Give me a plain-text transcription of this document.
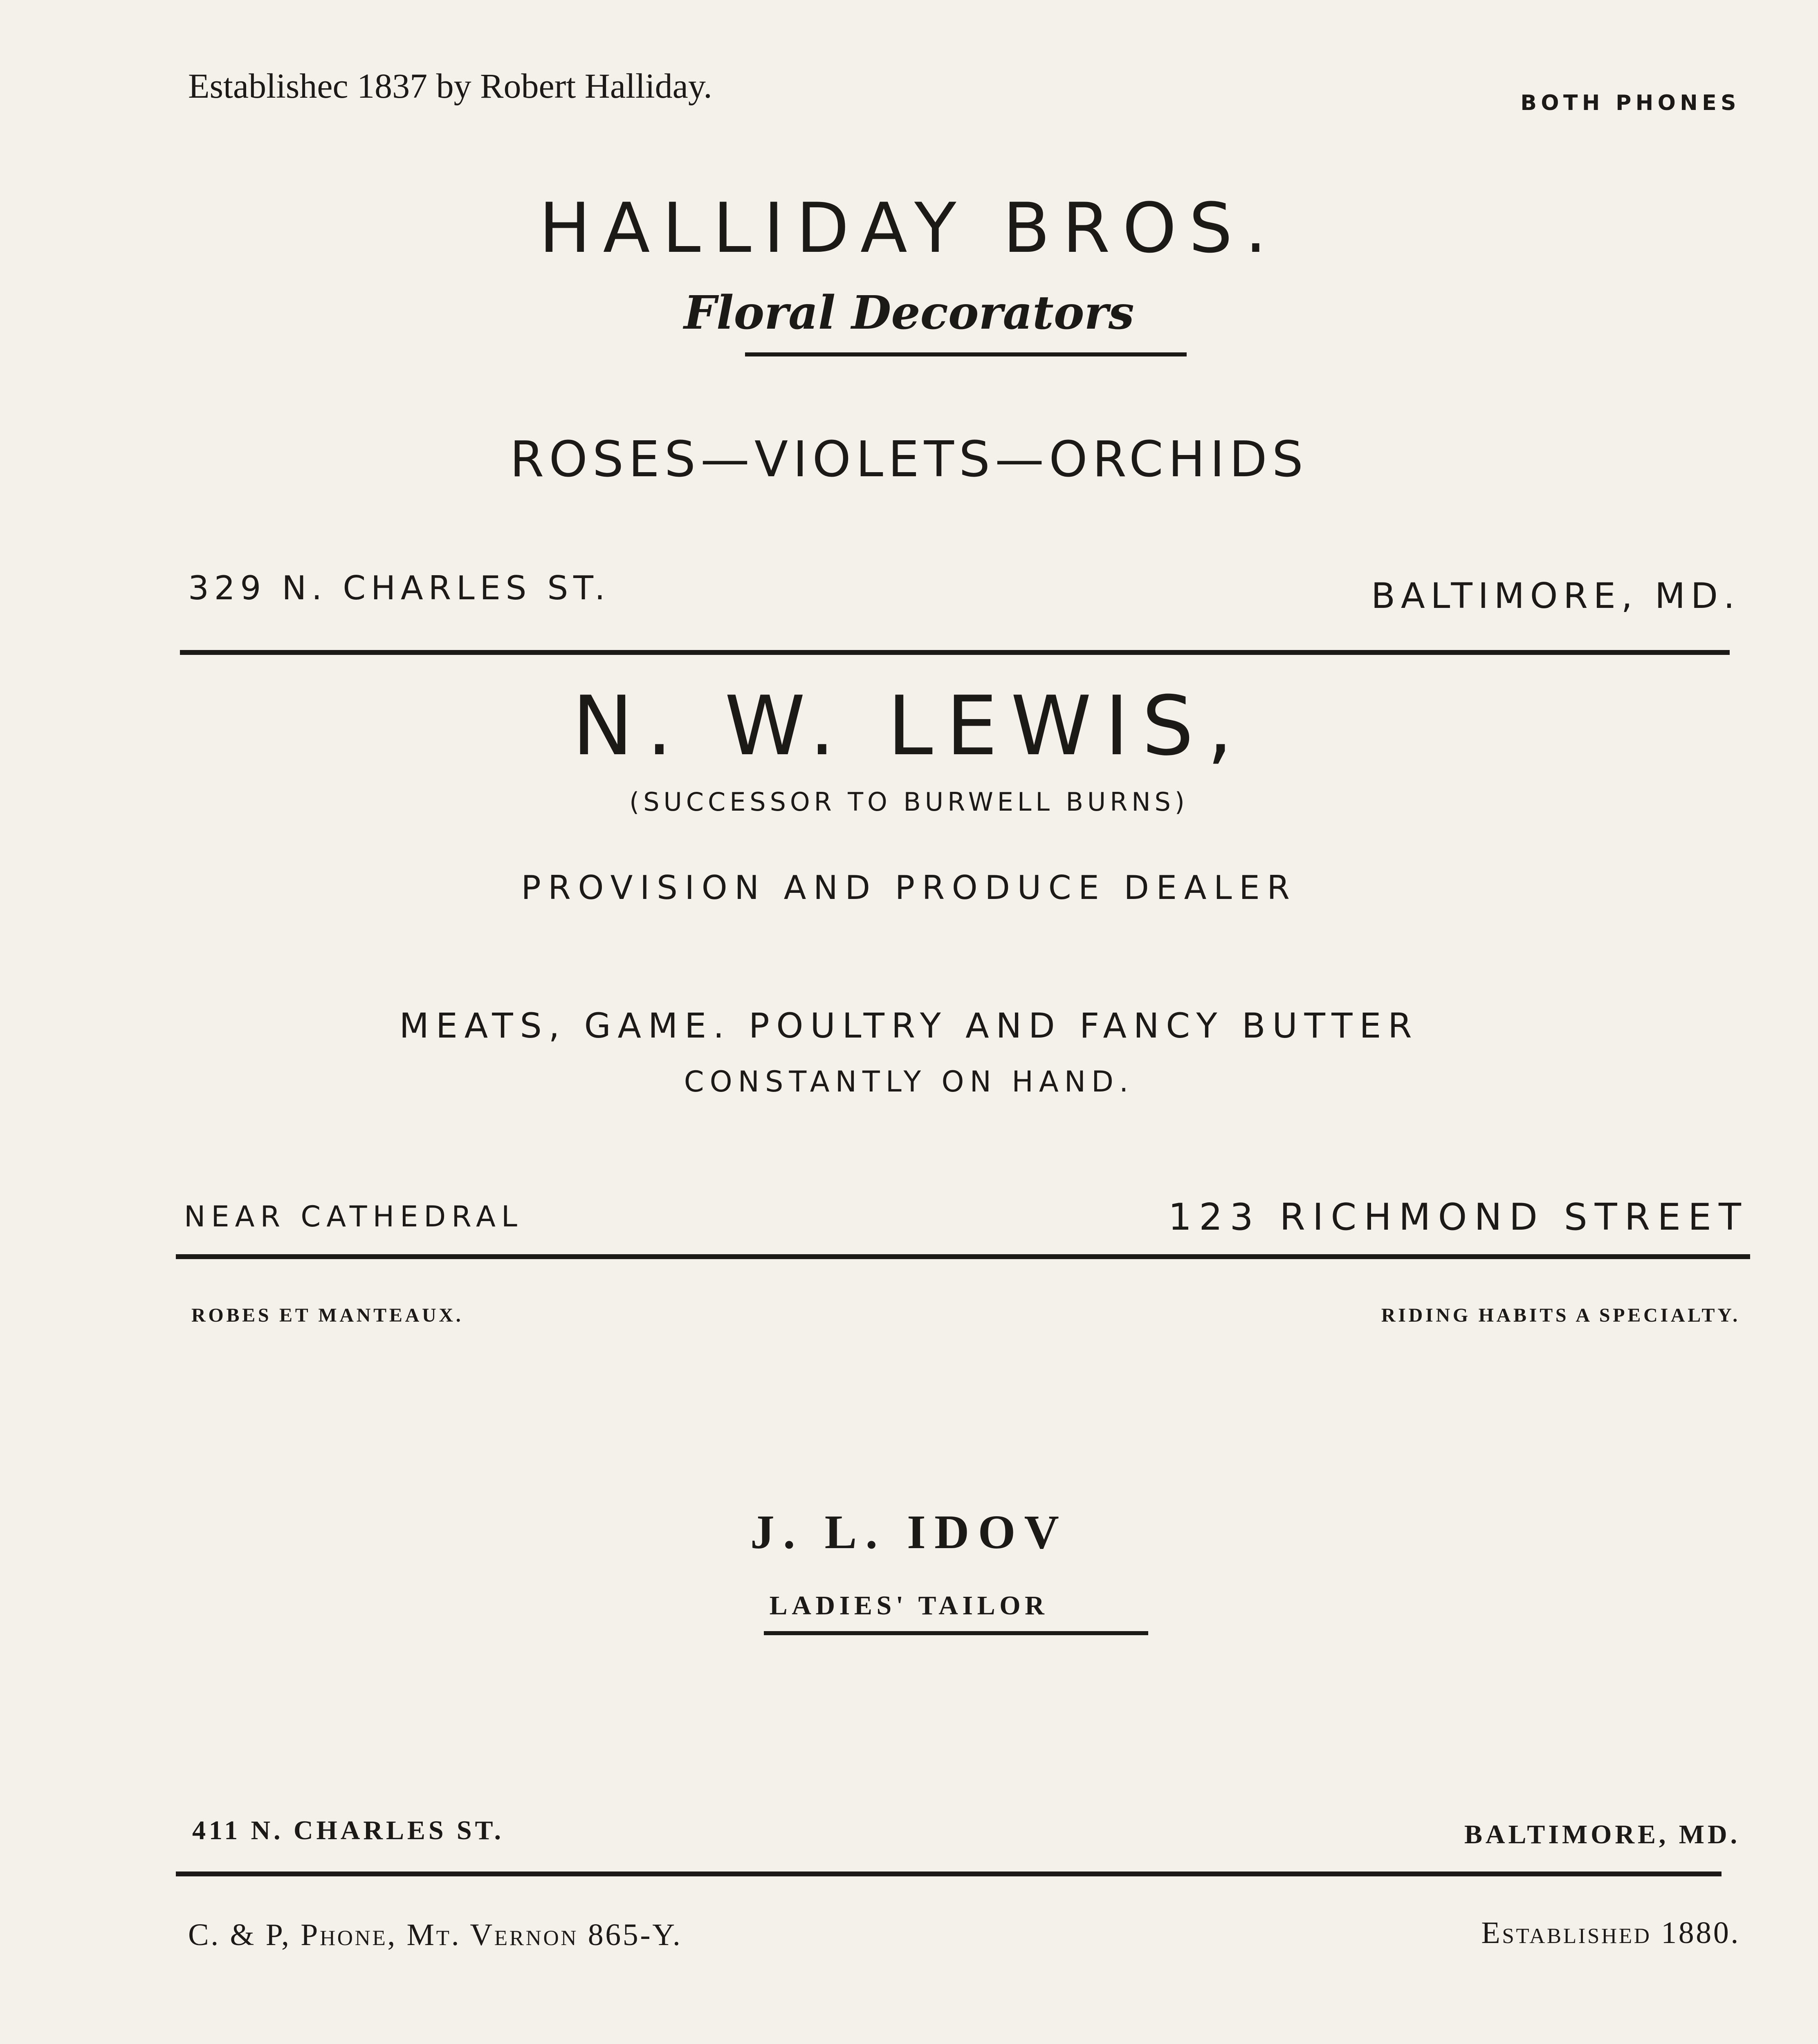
Establishec 1837 by Robert Halliday.	BOTH PHONES
HALLIDAY BROS.
Floral Decorators
ROSES—VIOLETS—ORCHIDS
329 N. CHARLES ST.	BALTIMORE, MD.
N. W. LEWIS,
(SUCCESSOR TO BURWELL BURNS)
PROVISION AND PRODUCE DEALER
MEATS, GAME. POULTRY AND FANCY BUTTER
CONSTANTLY ON HAND.
NEAR CATHEDRAL	123 RICHMOND STREET
ROBES ET MANTEAUX.	RIDING HABITS A SPECIALTY.
J. L. IDOV
LADIES' TAILOR
411 N. CHARLES ST.	BALTIMORE, MD.
C. & P, Phone, Mt. Vernon 865-Y.	Established 1880.
